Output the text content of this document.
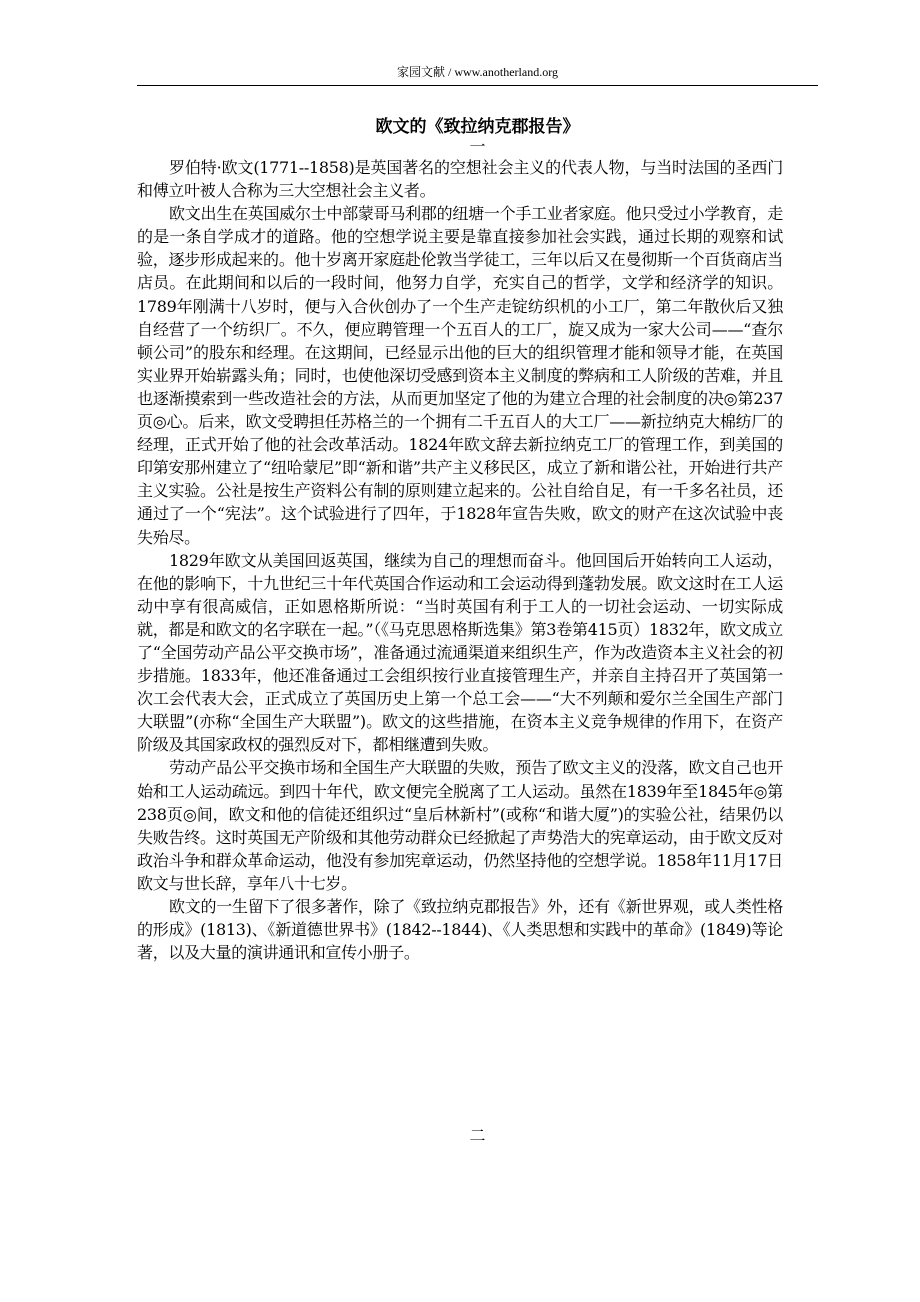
家园文献 / www.anotherland.org
欧文的《致拉纳克郡报告》
一

罗伯特·欧文(1771--1858)是英国著名的空想社会主义的代表人物，与当时法国的圣西门和傅立叶被人合称为三大空想社会主义者。

欧文出生在英国威尔士中部蒙哥马利郡的纽塘一个手工业者家庭。他只受过小学教育，走的是一条自学成才的道路。他的空想学说主要是靠直接参加社会实践，通过长期的观察和试验，逐步形成起来的。他十岁离开家庭赴伦敦当学徒工，三年以后又在曼彻斯一个百货商店当店员。在此期间和以后的一段时间，他努力自学，充实自己的哲学，文学和经济学的知识。1789年刚满十八岁时，便与入合伙创办了一个生产走锭纺织机的小工厂，第二年散伙后又独自经营了一个纺织厂。不久，便应聘管理一个五百人的工厂，旋又成为一家大公司——“查尔顿公司”的股东和经理。在这期间，已经显示出他的巨大的组织管理才能和领导才能，在英国实业界开始崭露头角；同时，也使他深切受感到资本主义制度的弊病和工人阶级的苦难，并且也逐渐摸索到一些改造社会的方法，从而更加坚定了他的为建立合理的社会制度的决◎第237页◎心。后来，欧文受聘担任苏格兰的一个拥有二千五百人的大工厂——新拉纳克大棉纺厂的经理，正式开始了他的社会改革活动。1824年欧文辞去新拉纳克工厂的管理工作，到美国的印第安那州建立了“纽哈蒙尼”即“新和谐”共产主义移民区，成立了新和谐公社，开始进行共产主义实验。公社是按生产资料公有制的原则建立起来的。公社自给自足，有一千多名社员，还通过了一个“宪法”。这个试验进行了四年，于1828年宣告失败，欧文的财产在这次试验中丧失殆尽。

1829年欧文从美国回返英国，继续为自己的理想而奋斗。他回国后开始转向工人运动，在他的影响下，十九世纪三十年代英国合作运动和工会运动得到蓬勃发展。欧文这时在工人运动中享有很高威信，正如恩格斯所说：“当时英国有利于工人的一切社会运动、一切实际成就，都是和欧文的名字联在一起。”（《马克思恩格斯选集》第3卷第415页）1832年，欧文成立了“全国劳动产品公平交换市场”，准备通过流通渠道来组织生产，作为改造资本主义社会的初步措施。1833年，他还准备通过工会组织按行业直接管理生产，并亲自主持召开了英国第一次工会代表大会，正式成立了英国历史上第一个总工会——“大不列颠和爱尔兰全国生产部门大联盟”(亦称“全国生产大联盟”)。欧文的这些措施，在资本主义竞争规律的作用下，在资产阶级及其国家政权的强烈反对下，都相继遭到失败。

劳动产品公平交换市场和全国生产大联盟的失败，预告了欧文主义的没落，欧文自己也开始和工人运动疏远。到四十年代，欧文便完全脱离了工人运动。虽然在1839年至1845年◎第238页◎间，欧文和他的信徒还组织过“皇后林新村”(或称“和谐大厦”)的实验公社，结果仍以失败告终。这时英国无产阶级和其他劳动群众已经掀起了声势浩大的宪章运动，由于欧文反对政治斗争和群众革命运动，他没有参加宪章运动，仍然坚持他的空想学说。1858年11月17日欧文与世长辞，享年八十七岁。

欧文的一生留下了很多著作，除了《致拉纳克郡报告》外，还有《新世界观，或人类性格的形成》(1813)、《新道德世界书》(1842--1844)、《人类思想和实践中的革命》(1849)等论著，以及大量的演讲通讯和宣传小册子。

二
